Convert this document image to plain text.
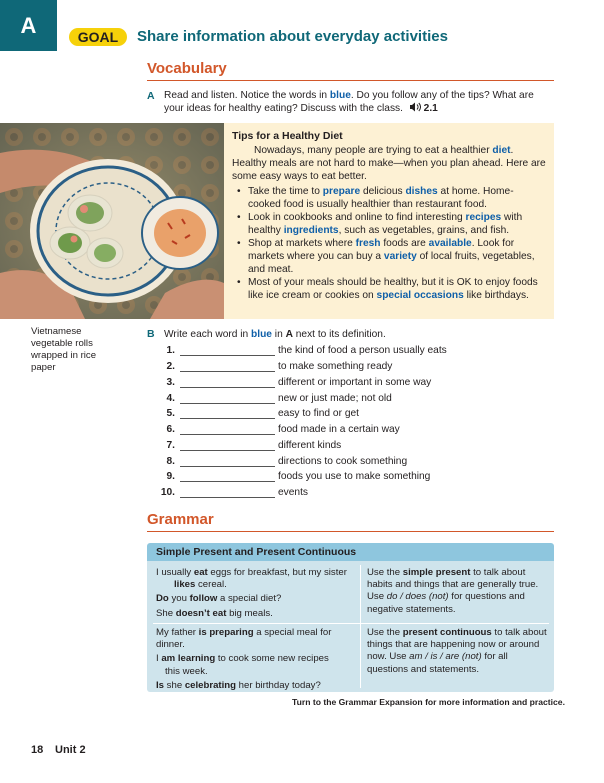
A	GOAL	Share information about everyday activities
Vocabulary
A Read and listen. Notice the words in blue. Do you follow any of the tips? What are your ideas for healthy eating? Discuss with the class. 2.1
Tips for a Healthy Diet
Nowadays, many people are trying to eat a healthier diet. Healthy meals are not hard to make—when you plan ahead. Here are some easy ways to eat better.
• Take the time to prepare delicious dishes at home. Home-cooked food is usually healthier than restaurant food.
• Look in cookbooks and online to find interesting recipes with healthy ingredients, such as vegetables, grains, and fish.
• Shop at markets where fresh foods are available. Look for markets where you can buy a variety of local fruits, vegetables, and meat.
• Most of your meals should be healthy, but it is OK to enjoy foods like ice cream or cookies on special occasions like birthdays.
Vietnamese vegetable rolls wrapped in rice paper
B Write each word in blue in A next to its definition.
1.	the kind of food a person usually eats
2.	to make something ready
3.	different or important in some way
4.	new or just made; not old
5.	easy to find or get
6.	food made in a certain way
7.	different kinds
8.	directions to cook something
9.	foods you use to make something
10.	events
Grammar
Simple Present and Present Continuous

I usually eat eggs for breakfast, but my sister
likes cereal.

Do you follow a special diet?

She doesn’t eat big meals.

Use the simple present to talk about habits and things that are generally true. Use do / does (not) for questions and negative statements.

My father is preparing a special meal for dinner.

I am learning to cook some new recipes
this week.

Is she celebrating her birthday today?

Use the present continuous to talk about things that are happening now or around now. Use am / is / are (not) for all questions and statements.

Turn to the Grammar Expansion for more information and practice.
18 Unit 2
